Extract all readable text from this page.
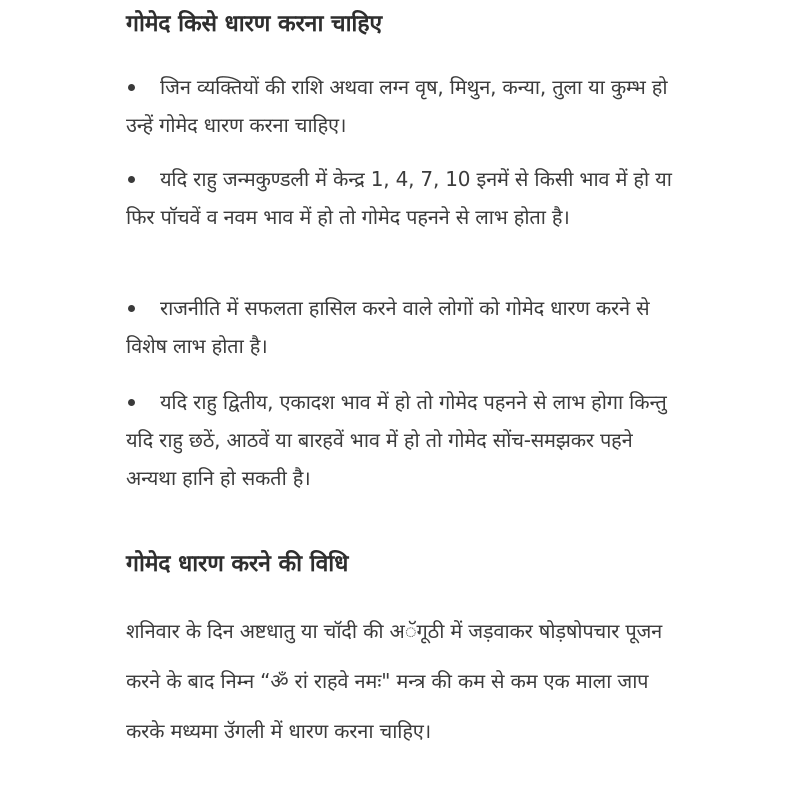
गोमेद किसे धारण करना चाहिए

जिन व्यक्तियों की राशि अथवा लग्न वृष, मिथुन, कन्या, तुला या कुम्भ हो उन्हें गोमेद धारण करना चाहिए।

यदि राहु जन्मकुण्डली में केन्द्र 1, 4, 7, 10 इनमें से किसी भाव में हो या फिर पॉचवें व नवम भाव में हो तो गोमेद पहनने से लाभ होता है।

राजनीति में सफलता हासिल करने वाले लोगों को गोमेद धारण करने से विशेष लाभ होता है।

यदि राहु द्वितीय, एकादश भाव में हो तो गोमेद पहनने से लाभ होगा किन्तु यदि राहु छठें, आठवें या बारहवें भाव में हो तो गोमेद सोंच-समझकर पहने अन्यथा हानि हो सकती है।

गोमेद धारण करने की विधि

शनिवार के दिन अष्टधातु या चॉदी की अॅगूठी में जड़वाकर षोड़षोपचार पूजन करने के बाद निम्न “ॐ रां राहवे नमः" मन्त्र की कम से कम एक माला जाप करके मध्यमा उॅगली में धारण करना चाहिए।
